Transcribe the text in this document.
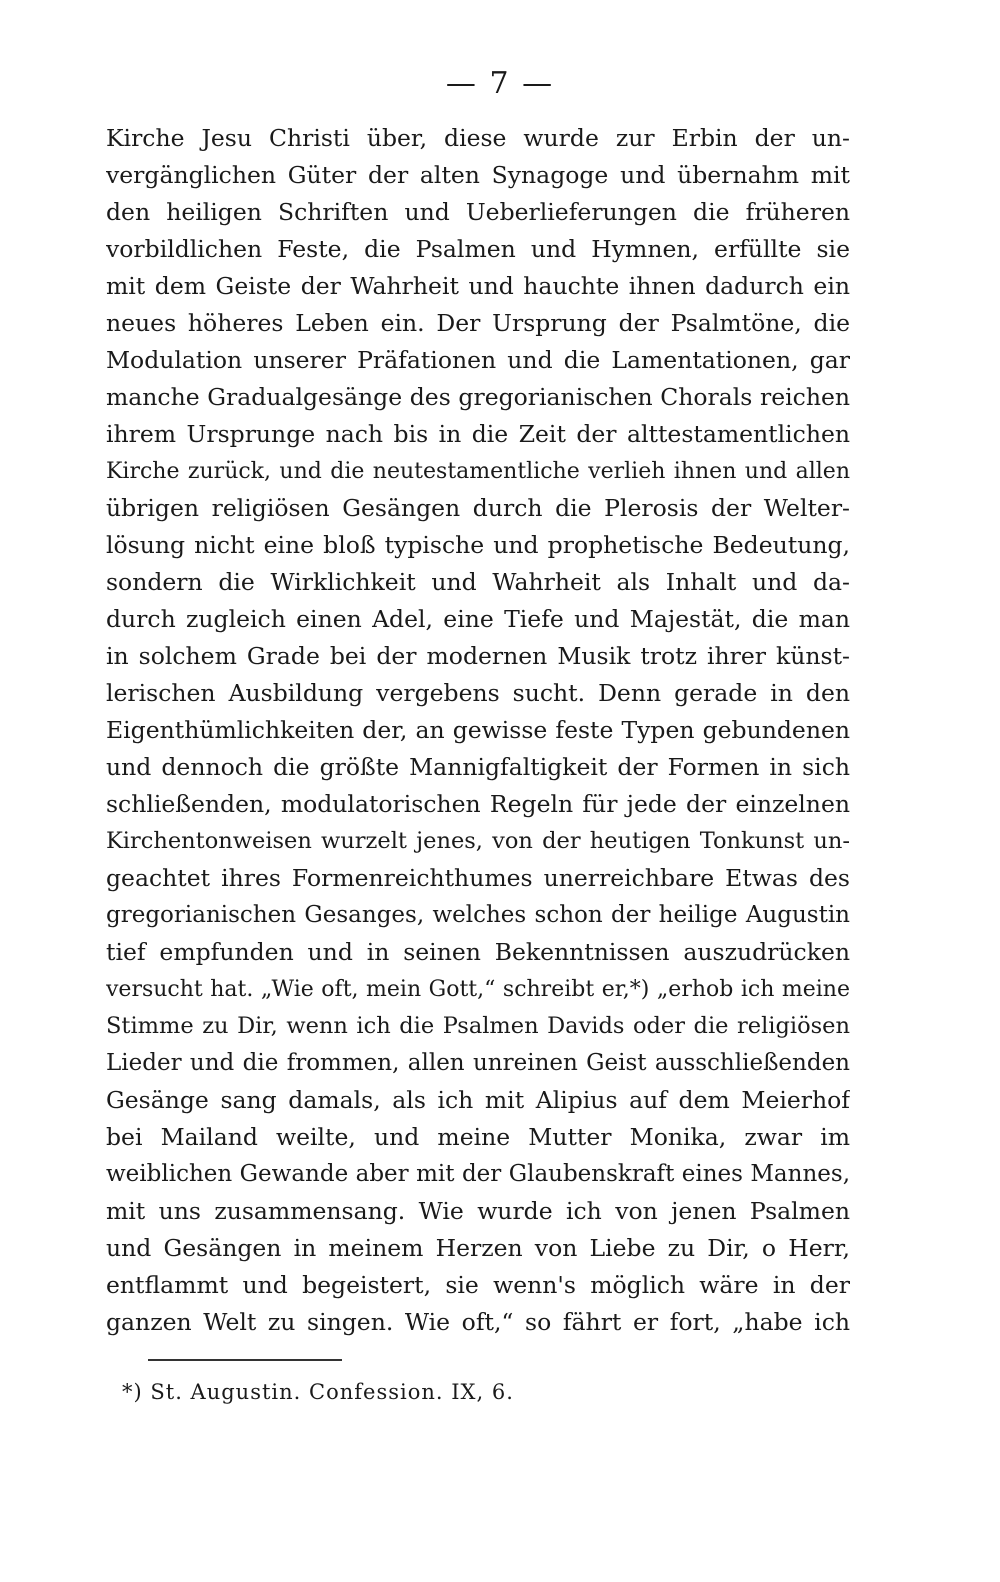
— 7 —
Kirche Jesu Christi über, diese wurde zur Erbin der un-
vergänglichen Güter der alten Synagoge und übernahm mit
den heiligen Schriften und Ueberlieferungen die früheren
vorbildlichen Feste, die Psalmen und Hymnen, erfüllte sie
mit dem Geiste der Wahrheit und hauchte ihnen dadurch ein
neues höheres Leben ein. Der Ursprung der Psalmtöne, die
Modulation unserer Präfationen und die Lamentationen, gar
manche Gradualgesänge des gregorianischen Chorals reichen
ihrem Ursprunge nach bis in die Zeit der alttestamentlichen
Kirche zurück, und die neutestamentliche verlieh ihnen und allen
übrigen religiösen Gesängen durch die Plerosis der Welter-
lösung nicht eine bloß typische und prophetische Bedeutung,
sondern die Wirklichkeit und Wahrheit als Inhalt und da-
durch zugleich einen Adel, eine Tiefe und Majestät, die man
in solchem Grade bei der modernen Musik trotz ihrer künst-
lerischen Ausbildung vergebens sucht. Denn gerade in den
Eigenthümlichkeiten der, an gewisse feste Typen gebundenen
und dennoch die größte Mannigfaltigkeit der Formen in sich
schließenden, modulatorischen Regeln für jede der einzelnen
Kirchentonweisen wurzelt jenes, von der heutigen Tonkunst un-
geachtet ihres Formenreichthumes unerreichbare Etwas des
gregorianischen Gesanges, welches schon der heilige Augustin
tief empfunden und in seinen Bekenntnissen auszudrücken
versucht hat. „Wie oft, mein Gott,“ schreibt er,*) „erhob ich meine
Stimme zu Dir, wenn ich die Psalmen Davids oder die religiösen
Lieder und die frommen, allen unreinen Geist ausschließenden
Gesänge sang damals, als ich mit Alipius auf dem Meierhof
bei Mailand weilte, und meine Mutter Monika, zwar im
weiblichen Gewande aber mit der Glaubenskraft eines Mannes,
mit uns zusammensang. Wie wurde ich von jenen Psalmen
und Gesängen in meinem Herzen von Liebe zu Dir, o Herr,
entflammt und begeistert, sie wenn's möglich wäre in der
ganzen Welt zu singen. Wie oft,“ so fährt er fort, „habe ich
*) St. Augustin. Confession. IX, 6.
